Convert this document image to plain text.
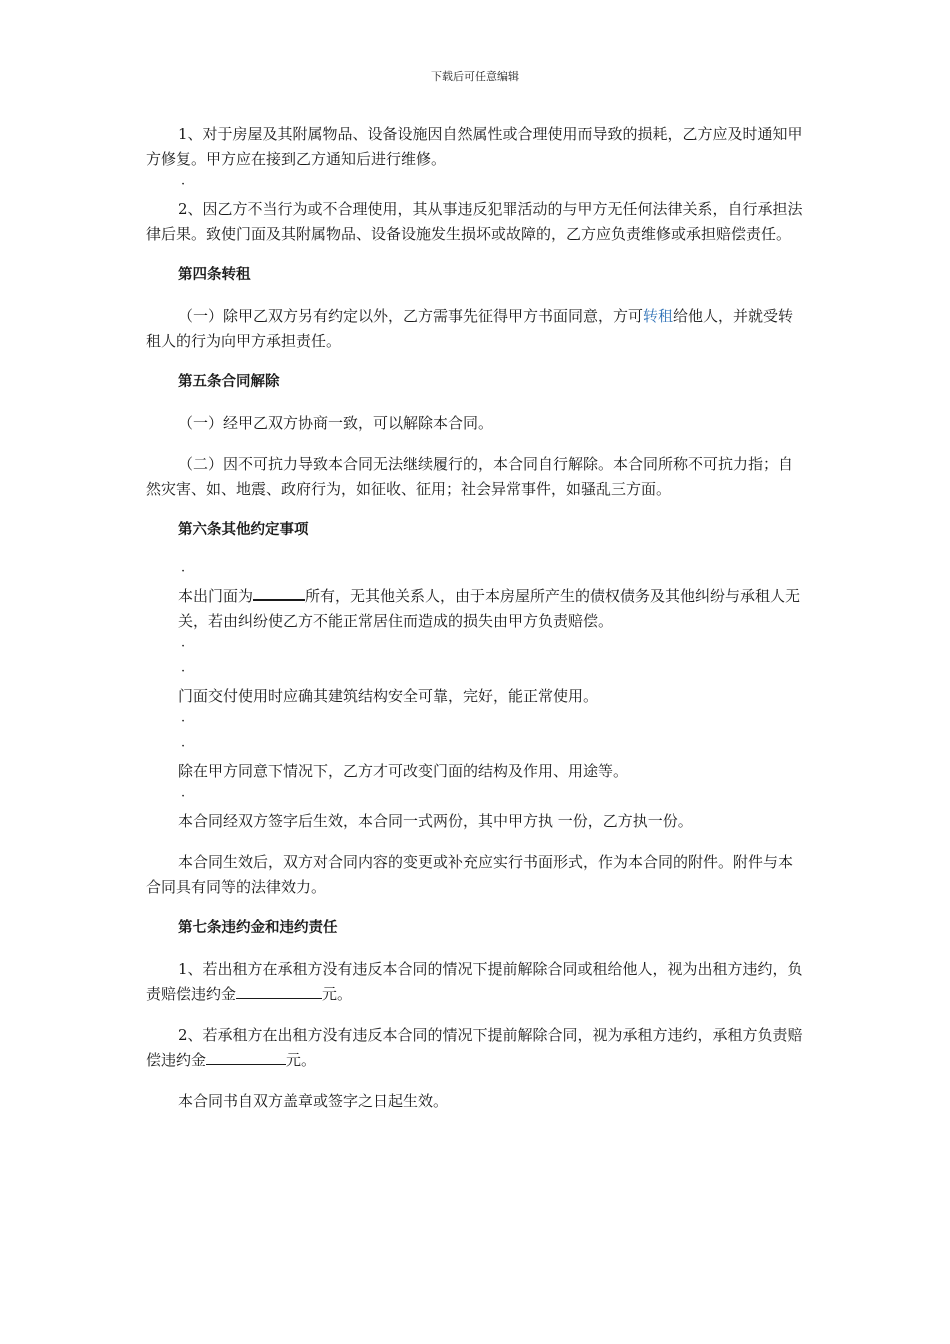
下载后可任意编辑

1、对于房屋及其附属物品、设备设施因自然属性或合理使用而导致的损耗，乙方应及时通知甲方修复。甲方应在接到乙方通知后进行维修。

·

2、因乙方不当行为或不合理使用，其从事违反犯罪活动的与甲方无任何法律关系，自行承担法律后果。致使门面及其附属物品、设备设施发生损坏或故障的，乙方应负责维修或承担赔偿责任。

第四条转租

（一）除甲乙双方另有约定以外，乙方需事先征得甲方书面同意，方可转租给他人，并就受转租人的行为向甲方承担责任。

第五条合同解除

（一）经甲乙双方协商一致，可以解除本合同。

（二）因不可抗力导致本合同无法继续履行的，本合同自行解除。本合同所称不可抗力指；自然灾害、如、地震、政府行为，如征收、征用；社会异常事件，如骚乱三方面。

第六条其他约定事项

·

本出门面为	所有，无其他关系人，由于本房屋所产生的债权债务及其他纠纷与承租人无关，若由纠纷使乙方不能正常居住而造成的损失由甲方负责赔偿。

·

·

门面交付使用时应确其建筑结构安全可靠，完好，能正常使用。

·

·

除在甲方同意下情况下，乙方才可改变门面的结构及作用、用途等。

·

本合同经双方签字后生效，本合同一式两份，其中甲方执 一份，乙方执一份。

本合同生效后，双方对合同内容的变更或补充应实行书面形式，作为本合同的附件。附件与本合同具有同等的法律效力。

第七条违约金和违约责任

1、若出租方在承租方没有违反本合同的情况下提前解除合同或租给他人，视为出租方违约，负责赔偿违约金	元。

2、若承租方在出租方没有违反本合同的情况下提前解除合同，视为承租方违约，承租方负责赔偿违约金	元。

本合同书自双方盖章或签字之日起生效。
